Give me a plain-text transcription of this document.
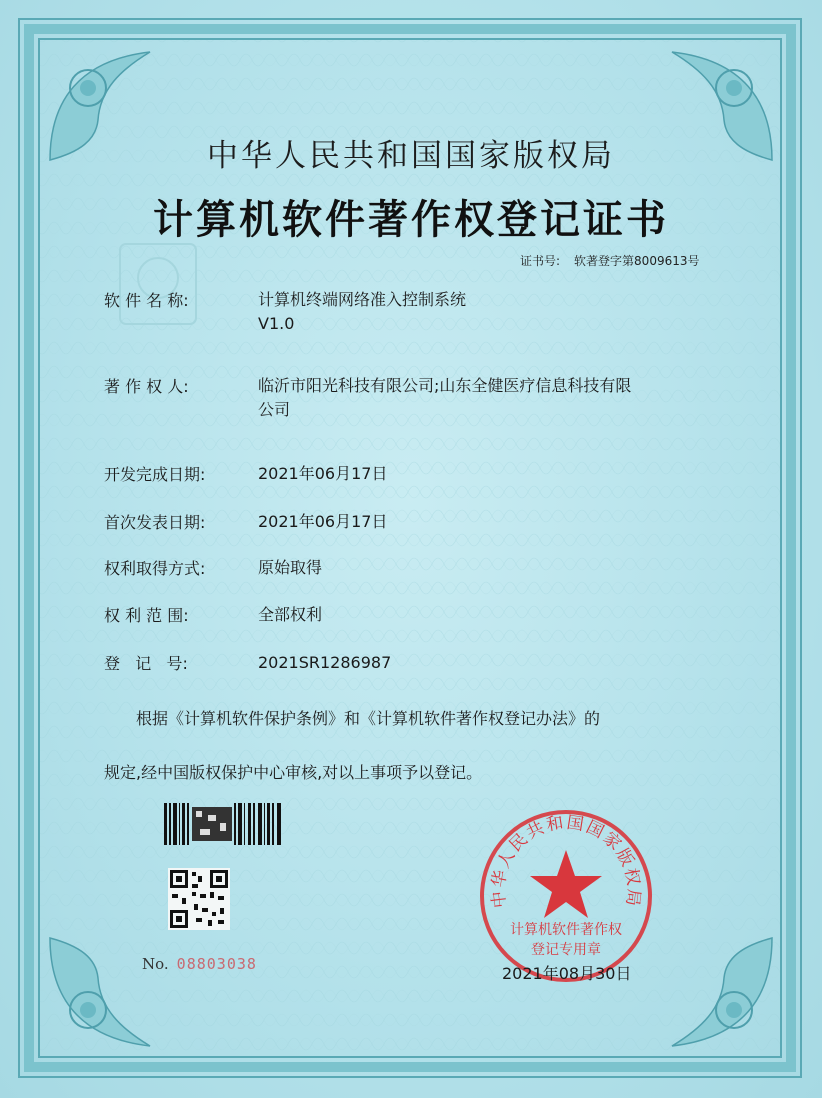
中华人民共和国国家版权局
计算机软件著作权登记证书
证书号: 软著登字第8009613号
软 件 名 称:	计算机终端网络准入控制系统
V1.0
著 作 权 人:	临沂市阳光科技有限公司;山东全健医疗信息科技有限
公司
开发完成日期:	2021年06月17日
首次发表日期:	2021年06月17日
权利取得方式:	原始取得
权 利 范 围:	全部权利
登   记   号:	2021SR1286987
根据《计算机软件保护条例》和《计算机软件著作权登记办法》的
规定,经中国版权保护中心审核,对以上事项予以登记。
No. 08803038
中华人民共和国国家版权局
计算机软件著作权
登记专用章
2021年08月30日
